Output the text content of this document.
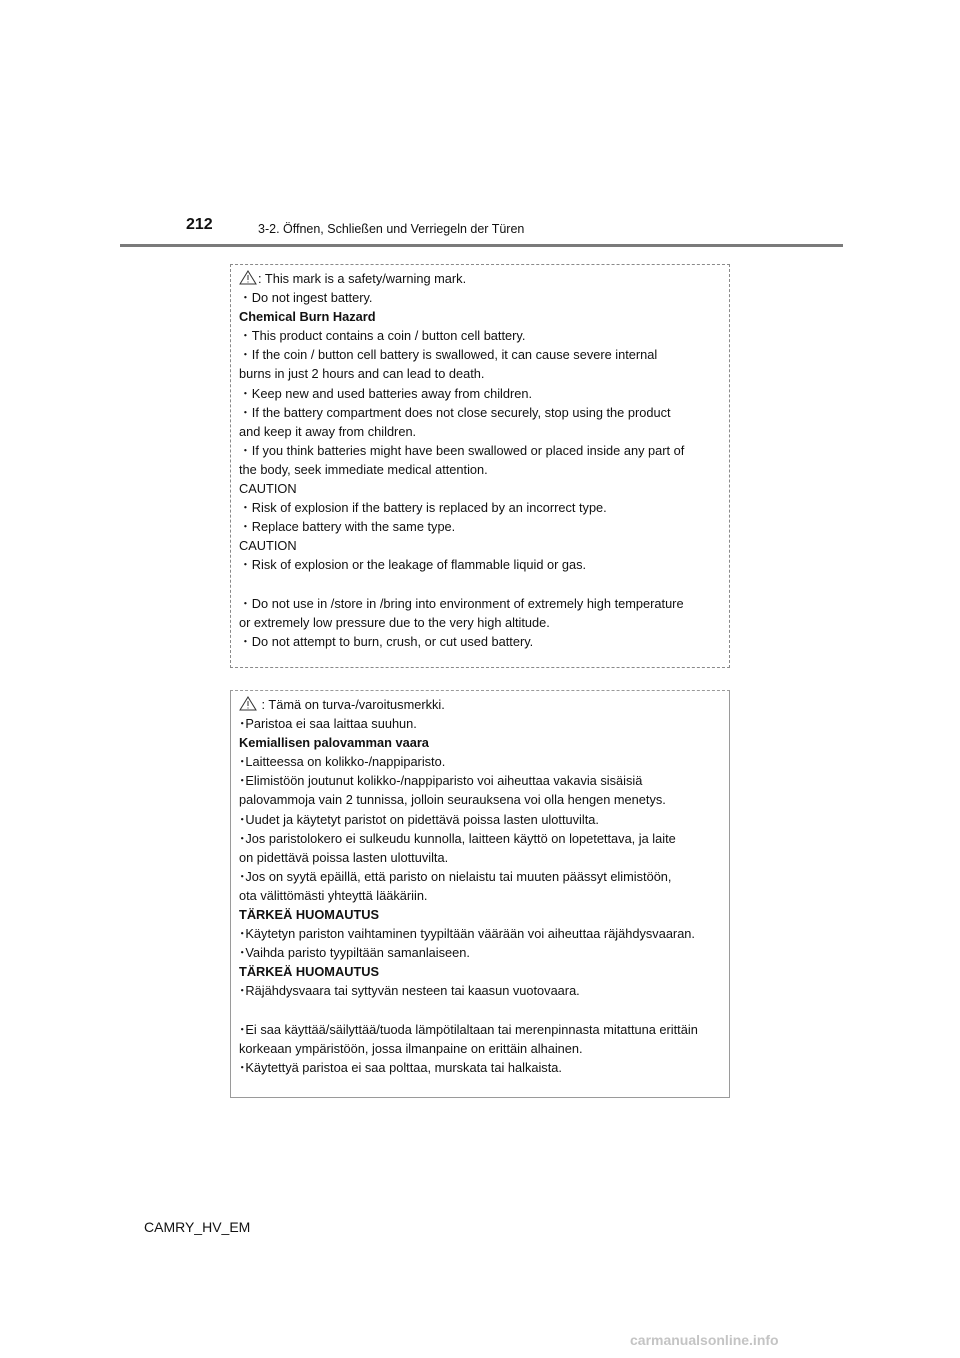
212	3-2. Öffnen, Schließen und Verriegeln der Türen
: This mark is a safety/warning mark.
・Do not ingest battery.
Chemical Burn Hazard
・This product contains a coin / button cell battery.
・If the coin / button cell battery is swallowed, it can cause severe internal
burns in just 2 hours and can lead to death.
・Keep new and used batteries away from children.
・If the battery compartment does not close securely, stop using the product
and keep it away from children.
・If you think batteries might have been swallowed or placed inside any part of
the body, seek immediate medical attention.
CAUTION
・Risk of explosion if the battery is replaced by an incorrect type.
・Replace battery with the same type.
CAUTION
・Risk of explosion or the leakage of flammable liquid or gas.
・Do not use in /store in /bring into environment of extremely high temperature
or extremely low pressure due to the very high altitude.
・Do not attempt to burn, crush, or cut used battery.
: Tämä on turva-/varoitusmerkki.
･Paristoa ei saa laittaa suuhun.
Kemiallisen palovamman vaara
･Laitteessa on kolikko-/nappiparisto.
･Elimistöön joutunut kolikko-/nappiparisto voi aiheuttaa vakavia sisäisiä
palovammoja vain 2 tunnissa, jolloin seurauksena voi olla hengen menetys.
･Uudet ja käytetyt paristot on pidettävä poissa lasten ulottuvilta.
･Jos paristolokero ei sulkeudu kunnolla, laitteen käyttö on lopetettava, ja laite
on pidettävä poissa lasten ulottuvilta.
･Jos on syytä epäillä, että paristo on nielaistu tai muuten päässyt elimistöön,
ota välittömästi yhteyttä lääkäriin.
TÄRKEÄ HUOMAUTUS
･Käytetyn pariston vaihtaminen tyypiltään väärään voi aiheuttaa räjähdysvaaran.
･Vaihda paristo tyypiltään samanlaiseen.
TÄRKEÄ HUOMAUTUS
･Räjähdysvaara tai syttyvän nesteen tai kaasun vuotovaara.
･Ei saa käyttää/säilyttää/tuoda lämpötilaltaan tai merenpinnasta mitattuna erittäin
korkeaan ympäristöön, jossa ilmanpaine on erittäin alhainen.
･Käytettyä paristoa ei saa polttaa, murskata tai halkaista.
CAMRY_HV_EM
carmanualsonline.info
